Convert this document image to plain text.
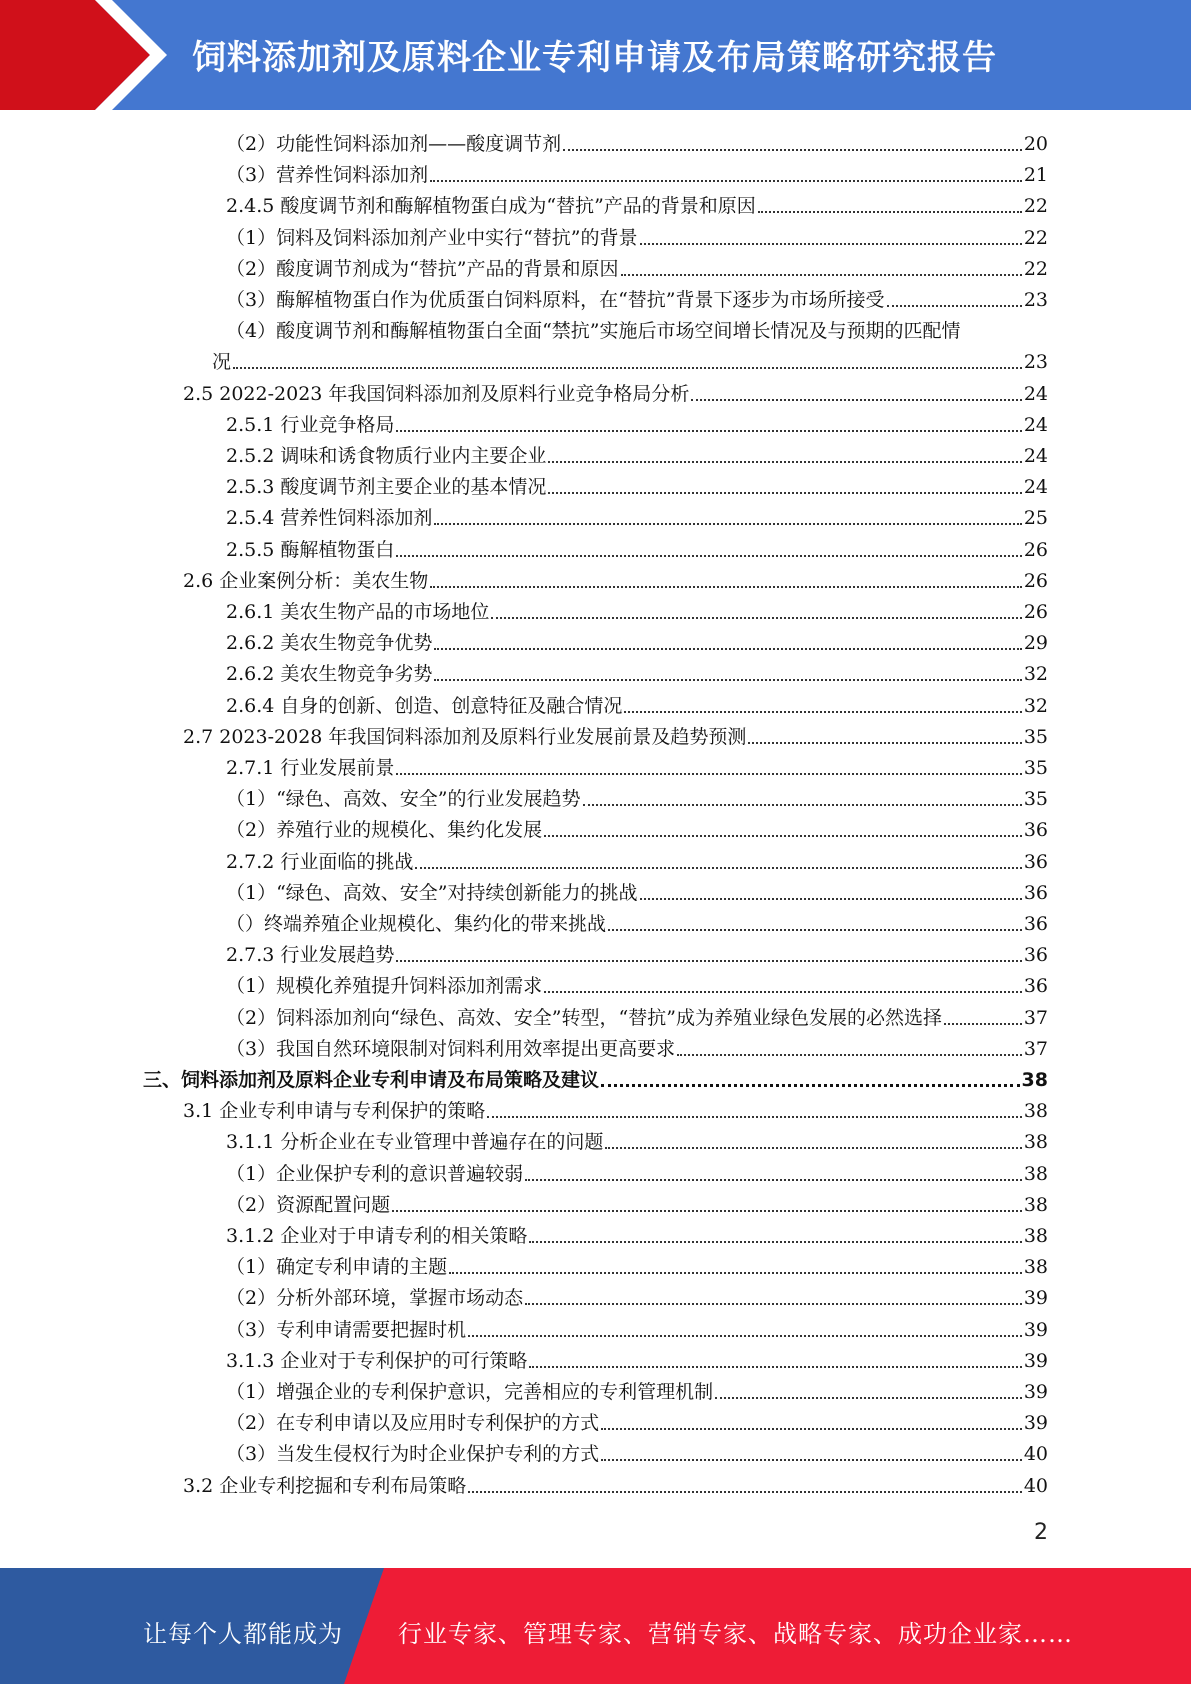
饲料添加剂及原料企业专利申请及布局策略研究报告
（2）功能性饲料添加剂——酸度调节剂	20
（3）营养性饲料添加剂	21
2.4.5 酸度调节剂和酶解植物蛋白成为“替抗”产品的背景和原因	22
（1）饲料及饲料添加剂产业中实行“替抗”的背景	22
（2）酸度调节剂成为“替抗”产品的背景和原因	22
（3）酶解植物蛋白作为优质蛋白饲料原料，在“替抗”背景下逐步为市场所接受	23
（4）酸度调节剂和酶解植物蛋白全面“禁抗”实施后市场空间增长情况及与预期的匹配情
况	23
2.5 2022-2023 年我国饲料添加剂及原料行业竞争格局分析	24
2.5.1 行业竞争格局	24
2.5.2 调味和诱食物质行业内主要企业	24
2.5.3 酸度调节剂主要企业的基本情况	24
2.5.4 营养性饲料添加剂	25
2.5.5 酶解植物蛋白	26
2.6 企业案例分析：美农生物	26
2.6.1 美农生物产品的市场地位	26
2.6.2 美农生物竞争优势	29
2.6.2 美农生物竞争劣势	32
2.6.4 自身的创新、创造、创意特征及融合情况	32
2.7 2023-2028 年我国饲料添加剂及原料行业发展前景及趋势预测	35
2.7.1 行业发展前景	35
（1）“绿色、高效、安全”的行业发展趋势	35
（2）养殖行业的规模化、集约化发展	36
2.7.2 行业面临的挑战	36
（1）“绿色、高效、安全”对持续创新能力的挑战	36
（）终端养殖企业规模化、集约化的带来挑战	36
2.7.3 行业发展趋势	36
（1）规模化养殖提升饲料添加剂需求	36
（2）饲料添加剂向“绿色、高效、安全”转型，“替抗”成为养殖业绿色发展的必然选择	37
（3）我国自然环境限制对饲料利用效率提出更高要求	37
三、饲料添加剂及原料企业专利申请及布局策略及建议	38
3.1 企业专利申请与专利保护的策略	38
3.1.1 分析企业在专业管理中普遍存在的问题	38
（1）企业保护专利的意识普遍较弱	38
（2）资源配置问题	38
3.1.2 企业对于申请专利的相关策略	38
（1）确定专利申请的主题	38
（2）分析外部环境，掌握市场动态	39
（3）专利申请需要把握时机	39
3.1.3 企业对于专利保护的可行策略	39
（1）增强企业的专利保护意识，完善相应的专利管理机制	39
（2）在专利申请以及应用时专利保护的方式	39
（3）当发生侵权行为时企业保护专利的方式	40
3.2 企业专利挖掘和专利布局策略	40
2
让每个人都能成为 行业专家、管理专家、营销专家、战略专家、成功企业家……
